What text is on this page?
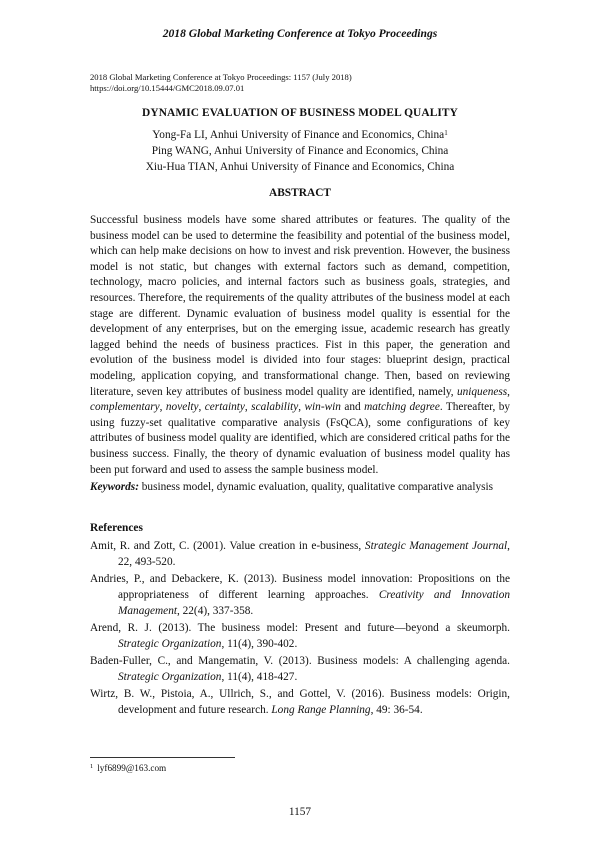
2018 Global Marketing Conference at Tokyo Proceedings
2018 Global Marketing Conference at Tokyo Proceedings: 1157 (July 2018)
https://doi.org/10.15444/GMC2018.09.07.01
DYNAMIC EVALUATION OF BUSINESS MODEL QUALITY
Yong-Fa LI, Anhui University of Finance and Economics, China$^1$
Ping WANG, Anhui University of Finance and Economics, China
Xiu-Hua TIAN, Anhui University of Finance and Economics, China
ABSTRACT

Successful business models have some shared attributes or features. The quality of the business model can be used to determine the feasibility and potential of the business model, which can help make decisions on how to invest and risk prevention. However, the business model is not static, but changes with external factors such as demand, competition, technology, macro policies, and internal factors such as business goals, strategies, and resources. Therefore, the requirements of the quality attributes of the business model at each stage are different. Dynamic evaluation of business model quality is essential for the development of any enterprises, but on the emerging issue, academic research has greatly lagged behind the needs of business practices. Fist in this paper, the generation and evolution of the business model is divided into four stages: blueprint design, practical modeling, application copying, and transformational change. Then, based on reviewing literature, seven key attributes of business model quality are identified, namely, uniqueness, complementary, novelty, certainty, scalability, win-win and matching degree. Thereafter, by using fuzzy-set qualitative comparative analysis (FsQCA), some configurations of key attributes of business model quality are identified, which are considered critical paths for the business success. Finally, the theory of dynamic evaluation of business model quality has been put forward and used to assess the sample business model.

Keywords: business model, dynamic evaluation, quality, qualitative comparative analysis

References

Amit, R. and Zott, C. (2001). Value creation in e‑business, Strategic Management Journal, 22, 493-520.

Andries, P., and Debackere, K. (2013). Business model innovation: Propositions on the appropriateness of different learning approaches. Creativity and Innovation Management, 22(4), 337-358.

Arend, R. J. (2013). The business model: Present and future—beyond a skeumorph. Strategic Organization, 11(4), 390-402.

Baden-Fuller, C., and Mangematin, V. (2013). Business models: A challenging agenda. Strategic Organization, 11(4), 418-427.

Wirtz, B. W., Pistoia, A., Ullrich, S., and Gottel, V. (2016). Business models: Origin, development and future research. Long Range Planning, 49: 36-54.

$^1$ lyf6899@163.com
1157
